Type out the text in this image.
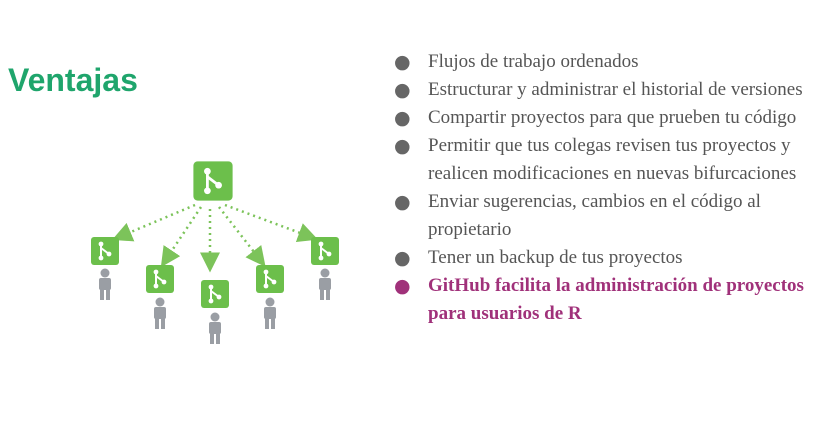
Ventajas	● Flujos de trabajo ordenados
● Estructurar y administrar el historial de versiones
● Compartir proyectos para que prueben tu código
● Permitir que tus colegas revisen tus proyectos y realicen modificaciones en nuevas bifurcaciones
● Enviar sugerencias, cambios en el código al propietario
● Tener un backup de tus proyectos
● GitHub facilita la administración de proyectos para usuarios de R
